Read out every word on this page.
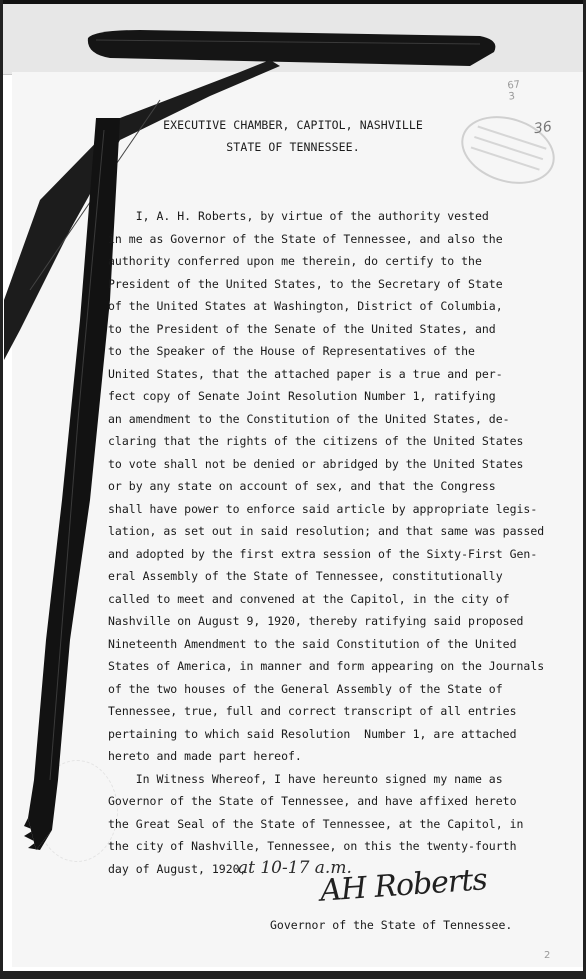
67
3
36
EXECUTIVE CHAMBER, CAPITOL, NASHVILLE
STATE OF TENNESSEE.
I, A. H. Roberts, by virtue of the authority vested
in me as Governor of the State of Tennessee, and also the
authority conferred upon me therein, do certify to the
President of the United States, to the Secretary of State
of the United States at Washington, District of Columbia,
to the President of the Senate of the United States, and
to the Speaker of the House of Representatives of the
United States, that the attached paper is a true and per-
fect copy of Senate Joint Resolution Number 1, ratifying
an amendment to the Constitution of the United States, de-
claring that the rights of the citizens of the United States
to vote shall not be denied or abridged by the United States
or by any state on account of sex, and that the Congress
shall have power to enforce said article by appropriate legis-
lation, as set out in said resolution; and that same was passed
and adopted by the first extra session of the Sixty-First Gen-
eral Assembly of the State of Tennessee, constitutionally
called to meet and convened at the Capitol, in the city of
Nashville on August 9, 1920, thereby ratifying said proposed
Nineteenth Amendment to the said Constitution of the United
States of America, in manner and form appearing on the Journals
of the two houses of the General Assembly of the State of
Tennessee, true, full and correct transcript of all entries
pertaining to which said Resolution  Number 1, are attached
hereto and made part hereof.
In Witness Whereof, I have hereunto signed my name as
Governor of the State of Tennessee, and have affixed hereto
the Great Seal of the State of Tennessee, at the Capitol, in
the city of Nashville, Tennessee, on this the twenty-fourth
day of August, 1920,
at 10-17 a.m.
AH Roberts
Governor of the State of Tennessee.
2
